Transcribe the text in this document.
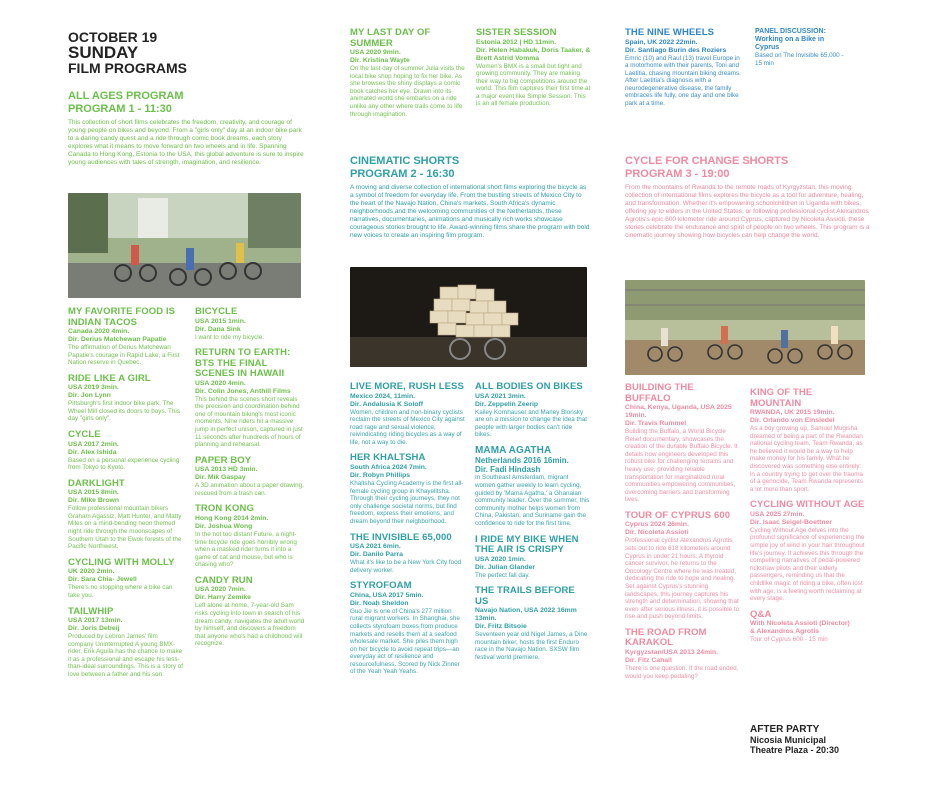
OCTOBER 19
SUNDAY
FILM PROGRAMS
ALL AGES PROGRAM
PROGRAM 1 - 11:30
This collection of short films celebrates the freedom, creativity, and courage of young people on bikes and beyond. From a "girls only" day at an indoor bike park to a daring candy quest and a ride through comic book dreams, each story explores what it means to move forward on two wheels and in life. Spanning Canada to Hong Kong, Estonia to the USA, this global adventure is sure to inspire young audiences with tales of strength, imagination, and resilience.
MY FAVORITE FOOD IS INDIAN TACOS
Canada 2020 4min.
Dir. Derius Matchewan Papatie
The affirmation of Derius Matchewan Papatie's courage in Rapid Lake, a First Nation reserve in Quebec.
RIDE LIKE A GIRL
USA 2019 3min.
Dir. Jon Lynn
Pittsburgh's first indoor bike park, The Wheel Mill closed its doors to boys. This day "girls only".
CYCLE
USA 2017 2min.
Dir. Alex Ishida
Based on a personal experience cycling from Tokyo to Kyoto.
DARKLIGHT
USA 2015 8min.
Dir. Mike Brown
Follow professional mountain bikers Graham Agassiz, Matt Hunter, and Matty Miles on a mind-bending neon themed night ride through the moonscapes of Southern Utah to the Ewok forests of the Pacific Northwest.
CYCLING WITH MOLLY
UK 2020 2min.
Dir. Sara Chia- Jewell
There's no stopping where a bike can take you.
TAILWHIP
USA 2017 13min.
Dir. Joris Debeij
Produced by Lebron James' film company Uninterrupted A young BMX-rider, Erik Aguila has the chance to make it as a professional and escape his less-than-ideal surroundings. This is a story of love between a father and his son.
BICYCLE
USA 2015 1min.
Dir. Dana Sink
I want to ride my bicycle.
RETURN TO EARTH: BTS THE FINAL SCENES IN HAWAII
USA 2020 4min.
Dir. Colin Jones, Anthill Films
This behind the scenes short reveals the precision and coordination behind one of mountain biking's most iconic moments. Nine riders hit a massive jump in perfect unison, captured in just 11 seconds after hundreds of hours of planning and rehearsal.
PAPER BOY
USA 2013 HD 3min.
Dir. Mik Gaspay
A 3D animation about a paper drawing, rescued from a trash can.
TRON KONG
Hong Kong 2014 2min.
Dir. Joshua Wong
In the not too distant Future, a night-time bicycle ride goes horribly wrong when a masked rider turns it into a game of cat and mouse, but who is chasing who?
CANDY RUN
USA 2020 7min.
Dir. Harry Zemike
Left alone at home, 7-year-old Sam risks cycling into town in search of his dream candy, navigates the adult world by himself, and discovers a freedom that anyone who's had a childhood will recognize.
MY LAST DAY OF SUMMER
USA 2020 9min.
Dir. Kristina Wayte
On the last day of summer Julia visits the local bike shop hoping to fix her bike. As she browses the shiny displays a comic book catches her eye. Drawn into its animated world she embarks on a ride unlike any other where trails come to life through imagination.
SISTER SESSION
Estonia 2012 | HD 11min.
Dir. Helen Habakuk, Doris Taaker, & Brett Astrid Vomma
Women's BMX is a small but tight and growing community. They are making their way to big competitions around the world. This film captures their first time at a major event like Simple Session. This is an all female production.
CINEMATIC SHORTS
PROGRAM 2 - 16:30
A moving and diverse collection of international short films exploring the bicycle as a symbol of freedom for everyday life. From the bustling streets of Mexico City to the heart of the Navajo Nation, China's markets, South Africa's dynamic neighborhoods and the welcoming communities of the Netherlands, these narratives, documentaries, animations and musically rich works showcase courageous stories brought to life. Award-winning films share the program with bold new voices to create an inspiring film program.
LIVE MORE, RUSH LESS
Mexico 2024, 11min.
Dir. Andalusia K Soloff
Women, children and non-binary cyclists reclaim the streets of Mexico City against road rage and sexual violence, reivindicating riding bicycles as a way of life, not a way to die.
HER KHALTSHA
South Africa 2024 7min.
Dir. Robyn Phillips
Khaltsha Cycling Academy is the first all-female cycling group in Khayelitsha. Through their cycling journeys, they not only challenge societal norms, but find freedom, express their emotions, and dream beyond their neighborhood.
THE INVISIBLE 65,000
USA 2021 6min.
Dir. Danilo Parra
What it's like to be a New York City food delivery worker.
STYROFOAM
China, USA 2017 5min.
Dir. Noah Sheldon
Guo Jie is one of China's 277 million rural migrant workers. In Shanghai, she collects styrofoam boxes from produce markets and resells them at a seafood wholesale market. She piles them high on her bicycle to avoid repeat trips—an everyday act of resilience and resourcefulness. Scored by Nick Zinner of the Yeah Yeah Yeahs.
ALL BODIES ON BIKES
USA 2021 3min.
Dir. Zeppelin Zeerip
Kailey Kornhauser and Marley Blonsky are on a mission to change the idea that people with larger bodies can't ride bikes.
MAMA AGATHA
Netherlands 2016 16min.
Dir. Fadi Hindash
In Southeast Amsterdam, migrant women gather weekly to learn cycling, guided by 'Mama Agatha,' a Ghanaian community leader. Over the summer, this community mother helps women from China, Pakistan, and Suriname gain the confidence to ride for the first time.
I RIDE MY BIKE WHEN THE AIR IS CRISPY
USA 2020 1min.
Dir. Julian Glander
The perfect fall day.
THE TRAILS BEFORE US
Navajo Nation, USA 2022 16mm 13min.
Dir. Fritz Bitsoie
Seventeen year old Nigel James, a Dine mountain biker, hosts the first Enduro race in the Navajo Nation. SXSW film festival world premiere.
THE NINE WHEELS
Spain, UK 2022 22min.
Dir. Santiago Burin des Roziers
Emric (10) and Raul (13) travel Europe in a motorhome with their parents, Toni and Laetitia, chasing mountain biking dreams. After Laetitia's diagnosis with a neurodegenerative disease, the family embraces life fully, one day and one bike park at a time.
PANEL DISCUSSION:
Working on a Bike in Cyprus
Based on The Invisible 65,000 - 15 min
CYCLE FOR CHANGE SHORTS
PROGRAM 3 - 19:00
From the mountains of Rwanda to the remote roads of Kyrgyzstan, this moving collection of international films explores the bicycle as a tool for adventure, healing, and transformation. Whether it's empowering schoolchildren in Uganda with bikes, offering joy to elders in the United States, or following professional cyclist Alexandros Agrotis's epic 600 kilometer ride around Cyprus, captured by Nicoleta Assioti, these stories celebrate the endurance and spirit of people on two wheels. This program is a cinematic journey showing how bicycles can help change the world.
BUILDING THE BUFFALO
China, Kenya, Uganda, USA 2025 19min.
Dir. Travis Rummel
Building the Buffalo, a World Bicycle Relief documentary, showcases the creation of the durable Buffalo Bicycle. It details how engineers developed this robust bike for challenging terrains and heavy use, providing reliable transportation for marginalized rural communities empowering communities, overcoming barriers and transforming lives.
TOUR OF CYPRUS 600
Cyprus 2024 26min.
Dir. Nicoleta Assioti
Professional cyclist Alexandros Agrotis sets out to ride 618 kilometers around Cyprus in under 21 hours. A thyroid cancer survivor, he returns to the Oncology Centre where he was treated, dedicating the ride to hope and healing. Set against Cyprus's stunning landscapes, this journey captures his strength and determination, showing that even after serious illness, it is possible to rise and push beyond limits.
THE ROAD FROM KARAKOL
Kyrgyzstan/USA 2013 24min.
Dir. Fitz Cahall
There is one question. If the road ended, would you keep pedaling?
KING OF THE MOUNTAIN
RWANDA, UK 2015 19min.
Dir. Orlando von Einsiedel
As a boy growing up, Samuel Mugisha dreamed of being a part of the Rwandan national cycling team, Team Rwanda, as he believed it would be a way to help make money for his family. What he discovered was something else entirely: in a country trying to get over the trauma of a genocide, Team Rwanda represents a lot more than sport.
CYCLING WITHOUT AGE
USA 2025 27min.
Dir. Isaac Seigel-Boettner
Cycling Without Age delves into the profound significance of experiencing the simple joy of wind in your hair throughout life's journey. It achieves this through the compelling narratives of pedal-powered rickshaw pilots and their elderly passengers, reminding us that the childlike magic of riding a bike, often lost with age, is a feeling worth reclaiming at every stage.
Q&A
With Nicoleta Assioti (Director)
& Alexandros Agrotis
Tour of Cyprus 600 - 15 min
AFTER PARTY
Nicosia Municipal
Theatre Plaza - 20:30
